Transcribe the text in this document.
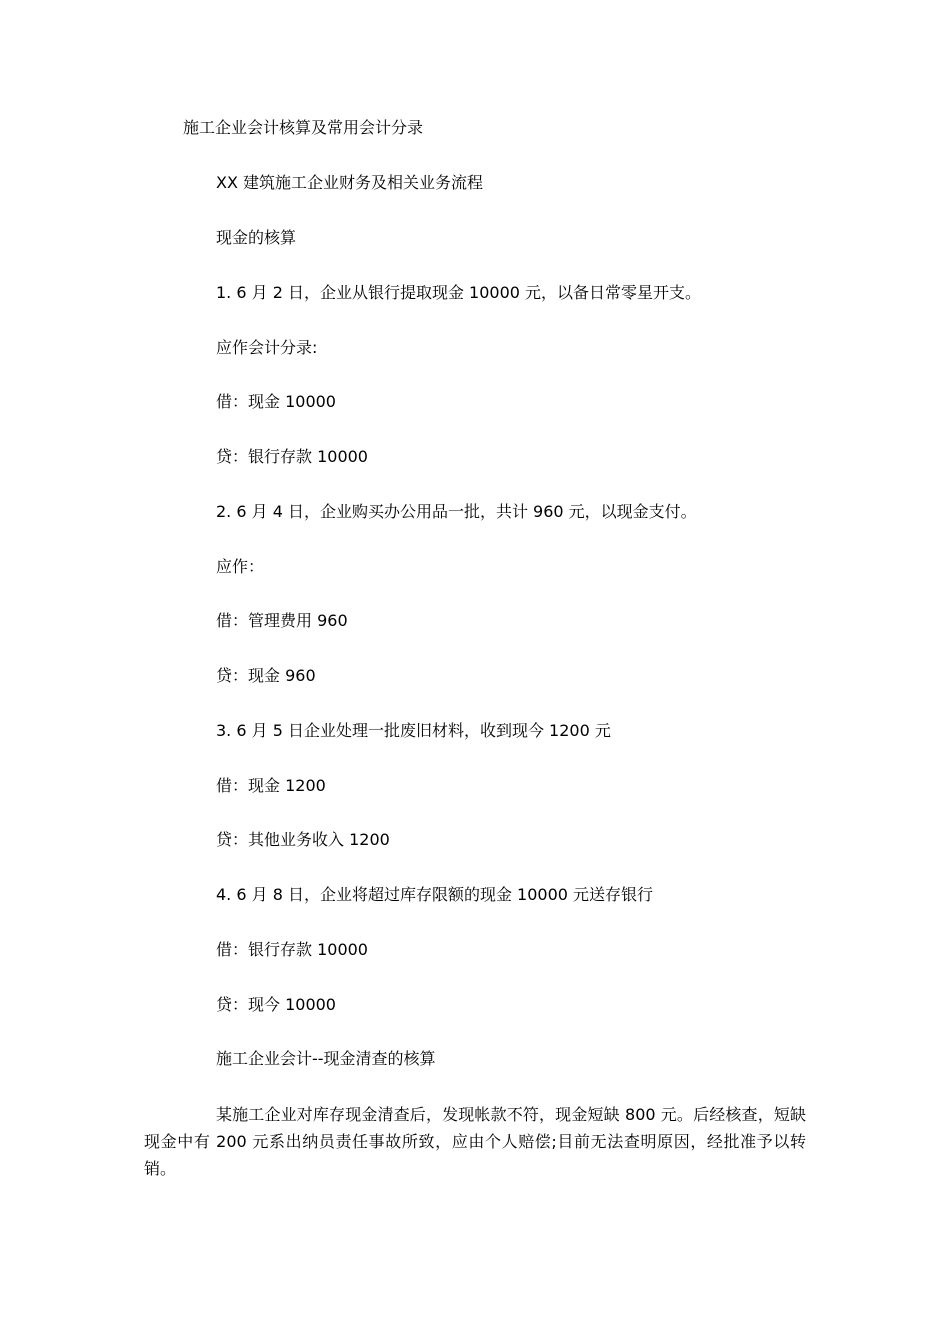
施工企业会计核算及常用会计分录
XX 建筑施工企业财务及相关业务流程
现金的核算
1. 6 月 2 日，企业从银行提取现金 10000 元，以备日常零星开支。
应作会计分录:
借：现金 10000
贷：银行存款 10000
2. 6 月 4 日，企业购买办公用品一批，共计 960 元，以现金支付。
应作：
借：管理费用 960
贷：现金 960
3. 6 月 5 日企业处理一批废旧材料，收到现今 1200 元
借：现金 1200
贷：其他业务收入 1200
4. 6 月 8 日，企业将超过库存限额的现金 10000 元送存银行
借：银行存款 10000
贷：现今 10000
施工企业会计--现金清查的核算
某施工企业对库存现金清查后，发现帐款不符，现金短缺 800 元。后经核查，短缺现金中有 200 元系出纳员责任事故所致，应由个人赔偿;目前无法查明原因，经批准予以转销。
